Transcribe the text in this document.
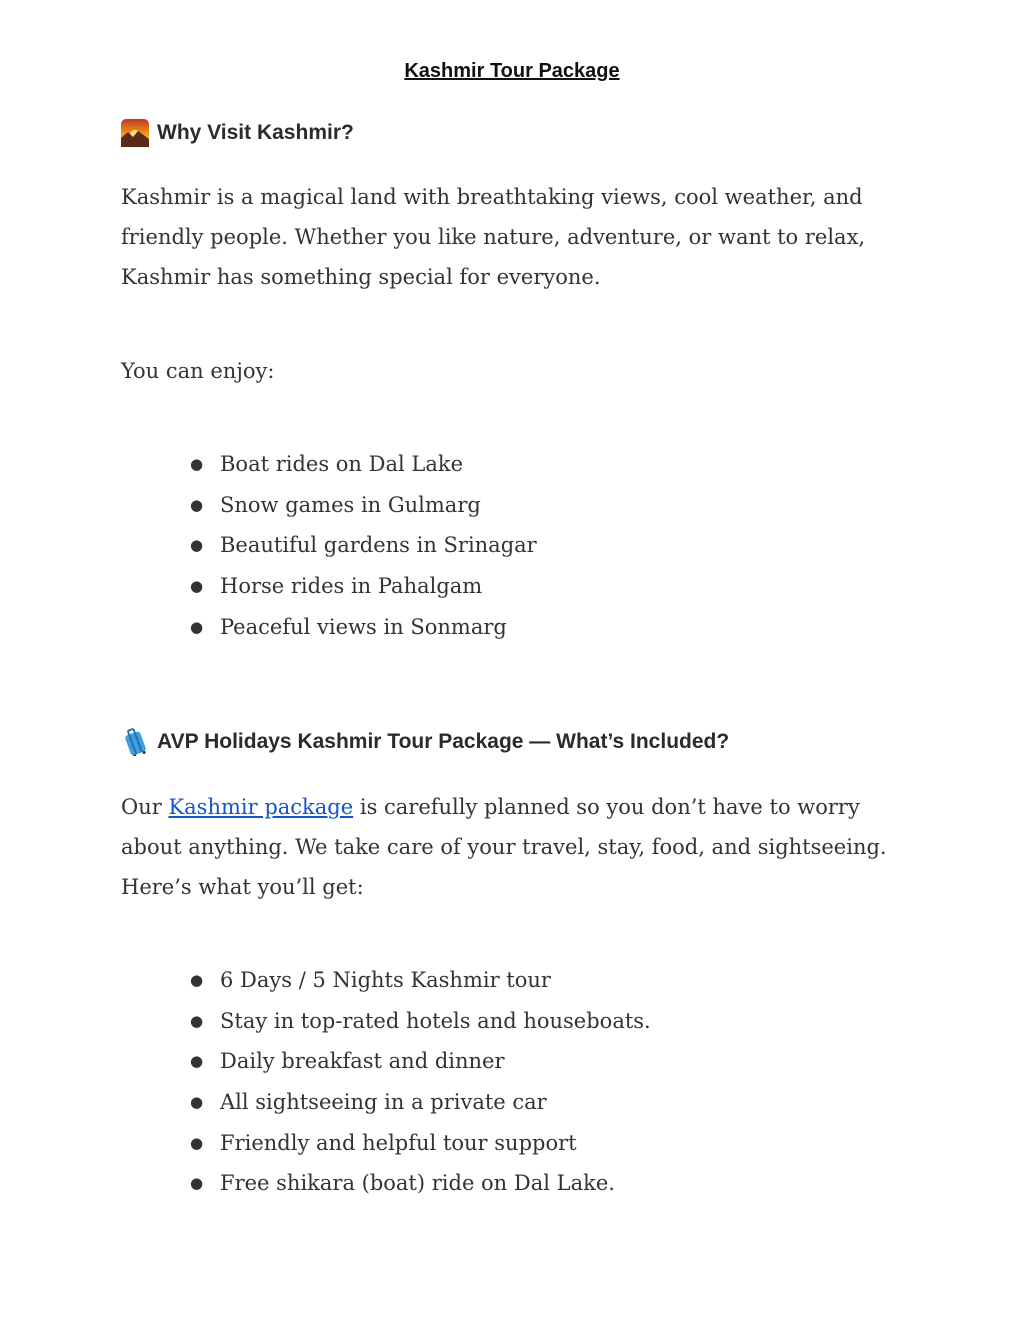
Kashmir Tour Package
Why Visit Kashmir?

Kashmir is a magical land with breathtaking views, cool weather, and friendly people. Whether you like nature, adventure, or want to relax, Kashmir has something special for everyone.

You can enjoy:

● Boat rides on Dal Lake
● Snow games in Gulmarg
● Beautiful gardens in Srinagar
● Horse rides in Pahalgam
● Peaceful views in Sonmarg
AVP Holidays Kashmir Tour Package — What’s Included?

Our Kashmir package is carefully planned so you don’t have to worry about anything. We take care of your travel, stay, food, and sightseeing. Here’s what you’ll get:

● 6 Days / 5 Nights Kashmir tour
● Stay in top-rated hotels and houseboats.
● Daily breakfast and dinner
● All sightseeing in a private car
● Friendly and helpful tour support
● Free shikara (boat) ride on Dal Lake.
